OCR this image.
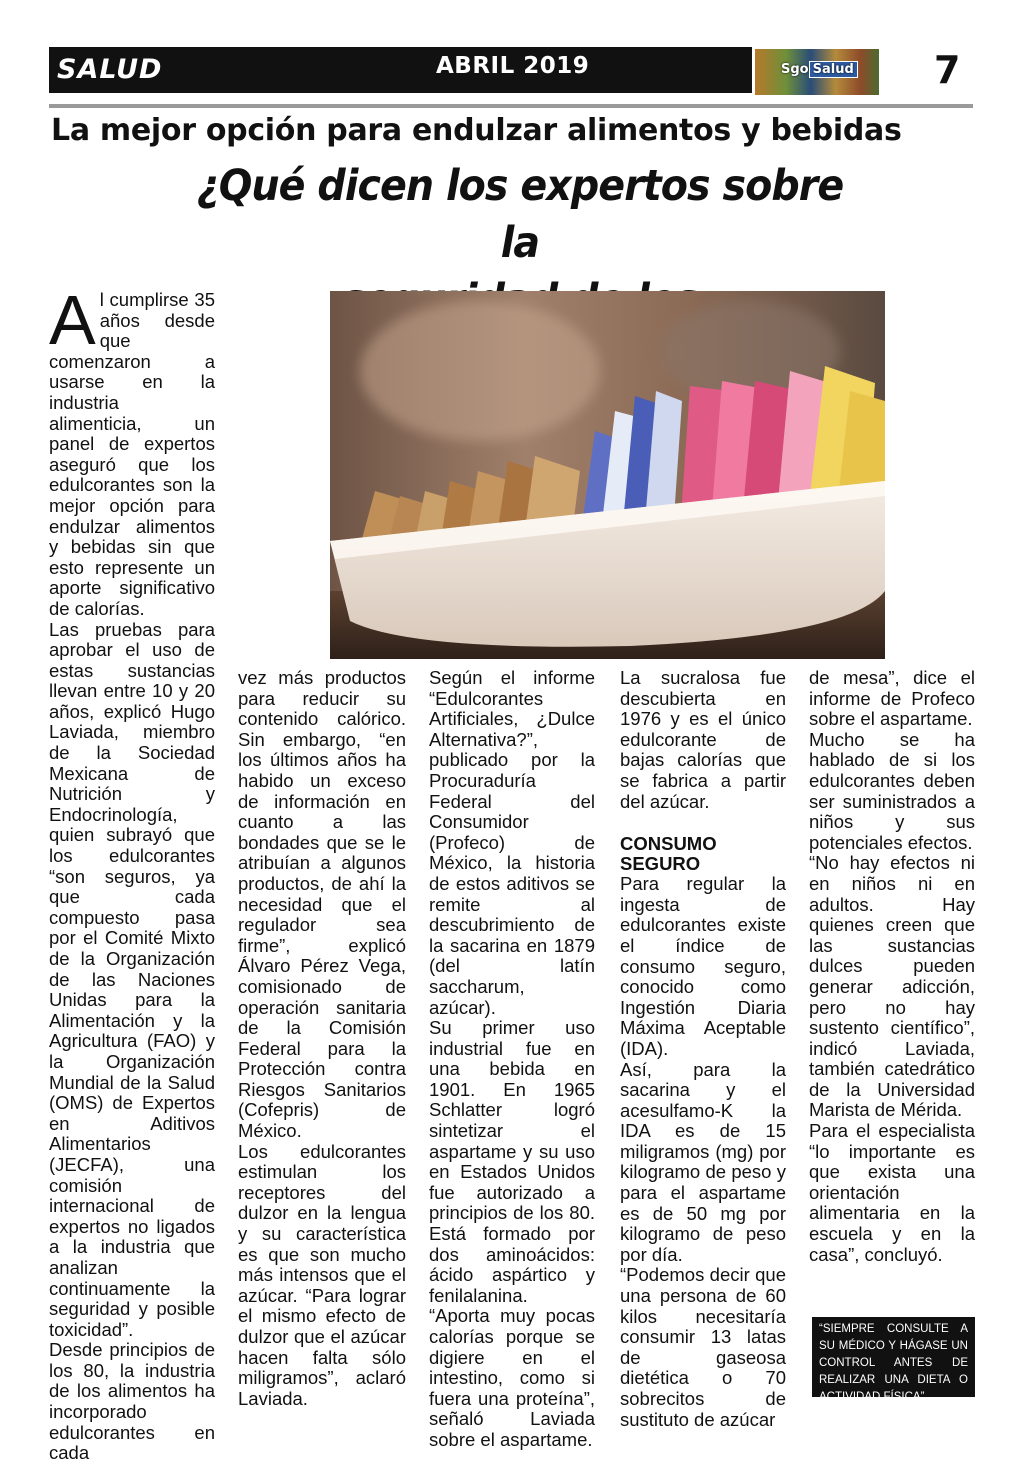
SALUD	ABRIL 2019	Sgo Salud 7
La mejor opción para endulzar alimentos y bebidas
¿Qué dicen los expertos sobre la

Al cumplirse 35 años desde que comenzaron a usarse en la industria alimenticia, un panel de expertos aseguró que los edulcorantes son la mejor opción para endulzar alimentos y bebidas sin que esto represente un aporte significativo de calorías.

Las pruebas para aprobar el uso de estas sustancias llevan entre 10 y 20 años, explicó Hugo Laviada, miembro de la Sociedad Mexicana de Nutrición y Endocrinología, quien subrayó que los edulcorantes “son seguros, ya que cada compuesto pasa por el Comité Mixto de la Organización de las Naciones Unidas para la Alimentación y la Agricultura (FAO) y la Organización Mundial de la Salud (OMS) de Expertos en Aditivos Alimentarios (JECFA), una comisión internacional de expertos no ligados a la industria que analizan continuamente la seguridad y posible toxicidad”.

Desde principios de los 80, la industria de los alimentos ha incorporado edulcorantes en cada

vez más productos para reducir su contenido calórico. Sin embargo, “en los últimos años ha habido un exceso de información en cuanto a las bondades que se le atribuían a algunos productos, de ahí la necesidad que el regulador sea firme”, explicó Álvaro Pérez Vega, comisionado de operación sanitaria de la Comisión Federal para la Protección contra Riesgos Sanitarios (Cofepris) de México.

Los edulcorantes estimulan los receptores del dulzor en la lengua y su característica es que son mucho más intensos que el azúcar. “Para lograr el mismo efecto de dulzor que el azúcar hacen falta sólo miligramos”, aclaró Laviada.

Según el informe “Edulcorantes Artificiales, ¿Dulce Alternativa?”, publicado por la Procuraduría Federal del Consumidor (Profeco) de México, la historia de estos aditivos se remite al descubrimiento de la sacarina en 1879 (del latín saccharum, azúcar).

Su primer uso industrial fue en una bebida en 1901. En 1965 Schlatter logró sintetizar el aspartame y su uso en Estados Unidos fue autorizado a principios de los 80. Está formado por dos aminoácidos: ácido aspártico y fenilalanina.

“Aporta muy pocas calorías porque se digiere en el intestino, como si fuera una proteína”, señaló Laviada sobre el aspartame.

La sucralosa fue descubierta en 1976 y es el único edulcorante de bajas calorías que se fabrica a partir del azúcar.

CONSUMO SEGURO

Para regular la ingesta de edulcorantes existe el índice de consumo seguro, conocido como Ingestión Diaria Máxima Aceptable (IDA).

Así, para la sacarina y el acesulfamo-K la IDA es de 15 miligramos (mg) por kilogramo de peso y para el aspartame es de 50 mg por kilogramo de peso por día.

“Podemos decir que una persona de 60 kilos necesitaría consumir 13 latas de gaseosa dietética o 70 sobrecitos de sustituto de azúcar

de mesa”, dice el informe de Profeco sobre el aspartame.

Mucho se ha hablado de si los edulcorantes deben ser suministrados a niños y sus potenciales efectos.

“No hay efectos ni en niños ni en adultos. Hay quienes creen que las sustancias dulces pueden generar adicción, pero no hay sustento científico”, indicó Laviada, también catedrático de la Universidad Marista de Mérida.

Para el especialista “lo importante es que exista una orientación alimentaria en la escuela y en la casa”, concluyó.

“SIEMPRE CONSULTE A SU MÉDICO Y HÁGASE UN CONTROL ANTES DE REALIZAR UNA DIETA O ACTIVIDAD FÍSICA”
